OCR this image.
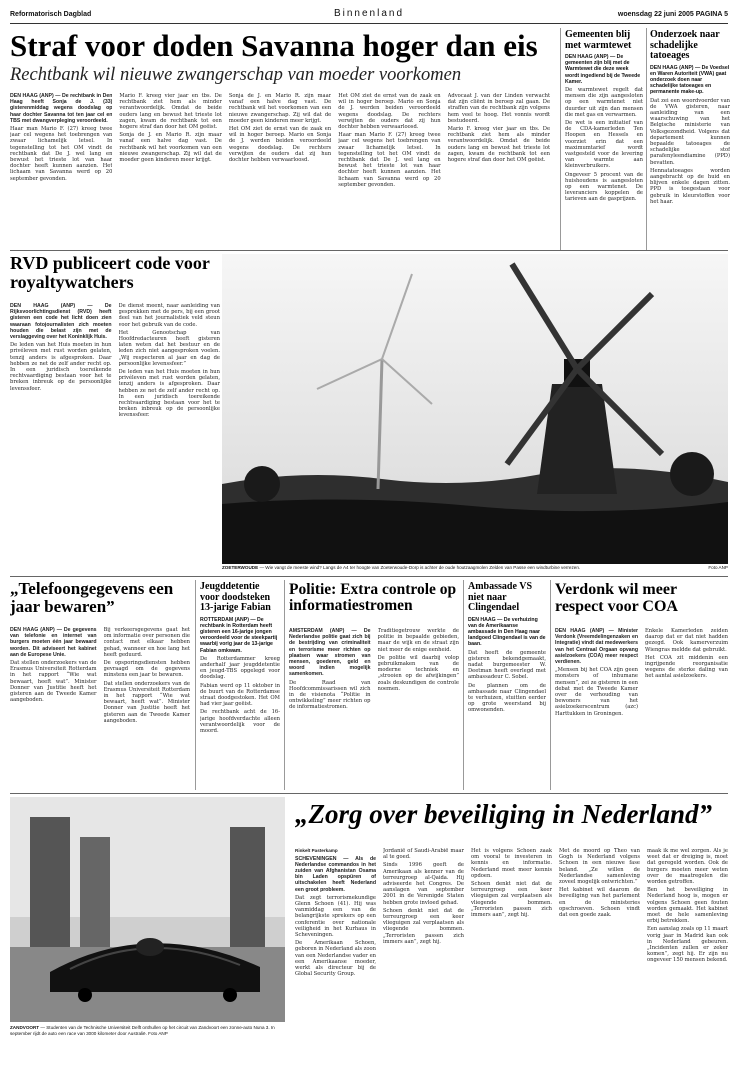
Reformatorisch Dagblad	Binnenland	woensdag 22 juni 2005 PAGINA 5
Straf voor doden Savanna hoger dan eis
Rechtbank wil nieuwe zwangerschap van moeder voorkomen
DEN HAAG (ANP) — De rechtbank in Den Haag heeft Sonja de J. (33) gisterenmiddag wegens doodslag op haar dochter Savanna tot ten jaar cel en TBS met dwangverpleging veroordeeld.

Haar man Mario F. (27) kreeg twee jaar cel wegens het toebrengen van zwaar lichamelijk letsel. In tegenstelling tot het OM vindt de rechtbank dat De J. wel lang en bewust het trieste lot van haar dochter heeft kunnen aanzien. Het lichaam van Savanna werd op 20 september gevonden.

Mario F. kreeg vier jaar en tbs. De rechtbank ziet hem als minder verantwoordelijk. Omdat de beide ouders lang en bewust het trieste lot zagen, kwam de rechtbank tot een hogere straf dan door het OM geëist.

Sonja de J. en Mario R. zijn maar vanaf een halve dag vast. De rechtbank wil het voorkomen van een nieuwe zwangerschap. Zij wil dat de moeder geen kinderen meer krijgt.

Sonja de J. en Mario R. zijn maar vanaf een halve dag vast. De rechtbank wil het voorkomen van een nieuwe zwangerschap. Zij wil dat de moeder geen kinderen meer krijgt.

Het OM ziet de ernst van de zaak en wil in hoger beroep. Mario en Sonja de J. werden beiden veroordeeld wegens doodslag. De rechters verwijten de ouders dat zij hun dochter hebben verwaarloosd.

Het OM ziet de ernst van de zaak en wil in hoger beroep. Mario en Sonja de J. werden beiden veroordeeld wegens doodslag. De rechters verwijten de ouders dat zij hun dochter hebben verwaarloosd.

Haar man Mario F. (27) kreeg twee jaar cel wegens het toebrengen van zwaar lichamelijk letsel. In tegenstelling tot het OM vindt de rechtbank dat De J. wel lang en bewust het trieste lot van haar dochter heeft kunnen aanzien. Het lichaam van Savanna werd op 20 september gevonden.

Advocaat J. van der Linden verwacht dat zijn cliënt in beroep zal gaan. De straffen van de rechtbank zijn volgens hem veel te hoog. Het vonnis wordt bestudeerd.

Mario F. kreeg vier jaar en tbs. De rechtbank ziet hem als minder verantwoordelijk. Omdat de beide ouders lang en bewust het trieste lot zagen, kwam de rechtbank tot een hogere straf dan door het OM geëist.

Gemeenten blij met warmtewet
DEN HAAG (ANP) — De gemeenten zijn blij met de Warmtewet die deze week wordt ingediend bij de Tweede Kamer.

De warmtewet regelt dat mensen die zijn aangesloten op een warmtenet niet duurder uit zijn dan mensen die met gas en verwarmen.

De wet is een initiatief van de CDA-kamerleden Ten Hoopen en Hessels en voorziet erin dat een maximumtarief wordt vastgesteld voor de levering van warmte aan kleinverbruikers.

Ongeveer 5 procent van de huishoudens is aangesloten op een warmtenet. De leveranciers koppelen de tarieven aan de gasprijzen.

Onderzoek naar schadelijke tatoeages
DEN HAAG (ANP) — De Voedsel en Waren Autoriteit (VWA) gaat onderzoek doen naar schadelijke tatoeages en permanente make-up.

Dat zei een woordvoerder van de VWA gisteren, naar aanleiding van een waarschuwing van het Belgische ministerie van Volksgezondheid. Volgens dat departement kunnen bepaalde tatoeages de schadelijke stof parafenyleendiamine (PPD) bevatten.

Hennatatoeages worden aangebracht op de huid en blijven enkele dagen zitten. PPD is toegestaan voor gebruik in kleurstoffen voor het haar.

RVD publiceert code voor royaltywatchers
DEN HAAG (ANP) — De Rijksvoorlichtingsdienst (RVD) heeft gisteren een code het licht doen zien waaraan fotojournalisten zich moeten houden die belast zijn met de verslaggeving over het Koninklijk Huis.

De leden van het Huis moeten in hun privéleven met rust worden gelaten, tenzij anders is afgesproken. Daar hebben ze net de zelf ander recht op. In een juridisch toereikende rechtvaardiging bestaan voor het te breken inbreuk op de persoonlijke levenssfeer.

De dienst meent, naar aanleiding van gesprekken met de pers, bij een groot deel van het journalistiek veld steun voor het gebruik van de code.

Het Genootschap van Hoofdredacteuren heeft gisteren laten weten dat het bestuur en de leden zich niet aangesproken voelen. „Wij respecteren al jaar en dag de persoonlijke levenssfeer.”

De leden van het Huis moeten in hun privéleven met rust worden gelaten, tenzij anders is afgesproken. Daar hebben ze net de zelf ander recht op. In een juridisch toereikende rechtvaardiging bestaan voor het te breken inbreuk op de persoonlijke levenssfeer.

ZOETERWOUDE — Wie vangt de meeste wind? Langs de A4 ter hoogte van Zoeterwoude-Dorp is achter de oude houtzaagmolen Zelden van Passe een windturbine verrezen.	Foto ANP
„Telefoongegevens een jaar bewaren”
DEN HAAG (ANP) — De gegevens van telefonie en internet van burgers moeten één jaar bewaard worden. Dit adviseert het kabinet aan de Europese Unie.

Dat stellen onderzoekers van de Erasmus Universiteit Rotterdam in het rapport “Wie wat bewaart, heeft wat”. Minister Donner van Justitie heeft het gisteren aan de Tweede Kamer aangeboden.

Bij verkeersgegevens gaat het om informatie over personen die contact met elkaar hebben gehad, wanneer en hoe lang het heeft geduurd.

De opsporingsdiensten hebben gevraagd om de gegevens minstens een jaar te bewaren.

Dat stellen onderzoekers van de Erasmus Universiteit Rotterdam in het rapport “Wie wat bewaart, heeft wat”. Minister Donner van Justitie heeft het gisteren aan de Tweede Kamer aangeboden.

Jeugddetentie voor doodsteken 13-jarige Fabian
ROTTERDAM (ANP) — De rechtbank in Rotterdam heeft gisteren een 16-jarige jongen veroordeeld voor de steekpartij waarbij vorig jaar de 13-jarige Fabian omkwam.

De Rotterdammer kreeg anderhalf jaar jeugddetentie en jeugd-TBS opgelegd voor doodslag.

Fabian werd op 11 oktober in de buurt van de Rotterdamse straat doodgestoken. Het OM had vier jaar geëist.

De rechtbank acht de 16-jarige hoofdverdachte alleen verantwoordelijk voor de moord.

Politie: Extra controle op informatiestromen
AMSTERDAM (ANP) — De Nederlandse politie gaat zich bij de bestrijding van criminaliteit en terrorisme meer richten op plaatsen waar stromen van mensen, goederen, geld en woord indien mogelijk samenkomen.

De Raad van Hoofdcommissarissen wil zich in de visienota “Politie in ontwikkeling” meer richten op de informatiestromen.

Traditiegetrouw werkte de politie in bepaalde gebieden, maar de wijk en de straat zijn niet meer de enige eenheid.

De politie wil daarbij volop gebruikmaken van de moderne techniek en „strooien op de afwijkingen” zoals deskundigen de controle noemen.

Ambassade VS niet naar Clingendael
DEN HAAG — De verhuizing van de Amerikaanse ambassade in Den Haag naar landgoed Clingendael is van de baan.

Dat heeft de gemeente gisteren bekendgemaakt, nadat burgemeester W. Deetman heeft overlegd met ambassadeur C. Sobel.

De plannen om de ambassade naar Clingendael te verhuizen, stuitten eerder op grote weerstand bij omwonenden.

Verdonk wil meer respect voor COA
DEN HAAG (ANP) — Minister Verdonk (Vreemdelingenzaken en Integratie) vindt dat medewerkers van het Centraal Orgaan opvang asielzoekers (COA) meer respect verdienen.

„Mensen bij het COA zijn geen monsters of inhumane mensen”, zei ze gisteren in een debat met de Tweede Kamer over de verhouding van bewoners van het asielzoekerscentrum (azc) Harttukken in Groningen.

Enkele Kamerleden zeiden daarop dat er dat niet hadden gezegd. Ook kamerverzuim Wiengras meldde dat gebruikt.

Het COA zit middenin een ingrijpende reorganisatie wegens de sterke daling van het aantal asielzoekers.

ZANDVOORT — Studenten van de Technische Universiteit Delft onthullen op het circuit van Zandvoort een zonne-auto Nuna 3. In september rijdt de auto een race van 3000 kilometer door Australië. Foto ANP
„Zorg over beveiliging in Nederland”
Rinkelt Pasterkamp
SCHEVENINGEN — Als de Nederlandse commandos in het zuiden van Afghanistan Osama bin Laden opspüren of uitschakelen heeft Nederland een groot probleem.

Dat zegt terrorismekundige Glenn Schoen (41). Hij was vanmiddag een van de belangrijkste sprekers op een conferentie over nationale veiligheid in het Kurhaus in Scheveningen.

De Amerikaan Schoen, geboren in Nederland als zoon van een Nederlandse vader en een Amerikaanse moeder, werkt als directeur bij de Global Security Group.

Jordanië of Saudi-Arabië maar al te goed.

Sinds 1996 geeft de Amerikaan als kenner van de terreurgroep al-Qaida. Hij adviseerde het Congres. De aanslagen van september 2001 in de Verenigde Staten hebben grote invloed gehad.

Schoen denkt niet dat de terreurgroep een keer vlieguigen zal verplaatsen als vliegende bommen. „Terroristen passen zich immers aan”, zegt hij.

Het is volgens Schoen zaak om vooral te investeren in kennis en informatie. Nederland moet meer kennis opdoen.

Schoen denkt niet dat de terreurgroep een keer vlieguigen zal verplaatsen als vliegende bommen. „Terroristen passen zich immers aan”, zegt hij.

Met de moord op Theo van Gogh is Nederland volgens Schoen in een nieuwe fase beland. „Ze willen de Nederlandse samenleving zoveel mogelijk ontwrichten.”

Het kabinet wil daarom de beveiliging van het parlement en de ministeries opschroeven. Schoen vindt dat een goede zaak.

maak ik me wel zorgen. Als je weet dat er dreiging is, moet dat geregeld worden. Ook de burgers moeten meer weten over de maatregelen die worden getroffen.

Ben het beveiliging in Nederland hoog is, mogen er volgens Schoen geen fouten worden gemaakt. Het kabinet moet de hele samenleving erbij betrekken.

Een aanslag zoals op 11 maart vorig jaar in Madrid kan ook in Nederland gebeuren. „Incidenten zullen er zeker komen”, zegt hij. Er zijn nu ongeveer 150 mensen bekend.
